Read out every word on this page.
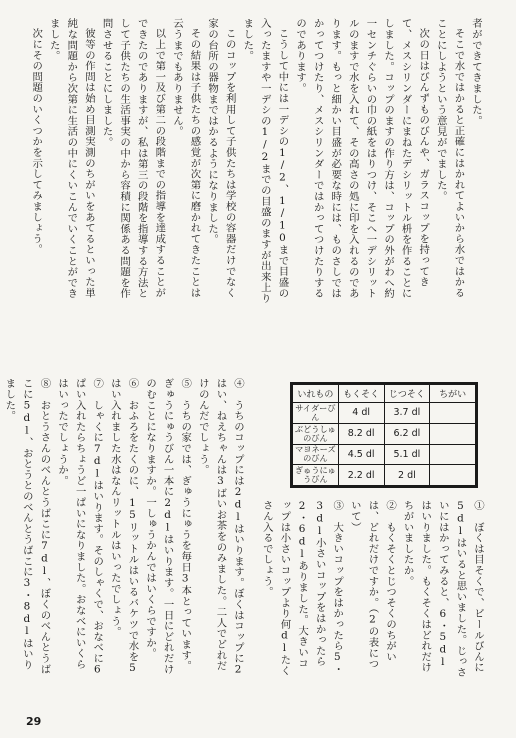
者ができてきました。

そこで水ではかると正確にはかれてよいから水ではかることにしようという意見がでました。

次の日はびんずものびんや、ガラスコップを持ってきて、メスシリンダーにまねたデシリットル枡を作ることにしました。コップのますの作り方は、コップの外がわへ約一センチぐらいの巾の紙をはりつけ、そこへ一デシリットルのますで水を入れて、その高さの処に印を入れるのであります。もっと細かい目盛が必要な時には、ものさしではかってつけたり、メスシリンダーではかってつけたりするのであります。

こうして中には一デシの1/2、1/10まで目盛の入ったますや一デシの1/2までの目盛のますが出来上りました。

このコップを利用して子供たちは学校の容器だけでなく家の台所の器物まではかるようになりました。

その結果は子供たちの感覚が次第に磨かれてきたことは云うまでもありません。

以上で第一及び第二の段階までの指導を達成することができたのでありますが、私は第三の段階を指導する方法として子供たちの生活事実の中から容積に関係ある問題を作問させることにしました。

彼等の作問は始め目測実測のちがいをあてるといった単純な問題から次第に生活の中にくいこんでいくことができました。

次にその問題のいくつかを示してみましょう。

いれもの	もくそく	じつそく	ちがい
サイダーびん	4 dl	3.7 dl	
ぶどうしゅのびん	8.2 dl	6.2 dl	
マヨネーズのびん	4.5 dl	5.1 dl	
ぎゅうにゅうびん	2.2 dl	2 dl	

①　ぼくは目そくで、ビールびんに5dlはいると思いました。じっさいにはかってみると、6・5dlはいりました。もくそくはどれだけちがいましたか。

②　もくそくとじつそくのちがいは、どれだけですか。（2の表について）

③　大きいコップをはかったら5・3dl小さいコップをはかったら2・6dlありました。大きいコップは小さいコップより何dlたくさん入るでしょう。

④　うちのコップには2dlはいります。ぼくはコップに2はい、ねえちゃんは3ばいお茶をのみました。二人でどれだけのんだでしょう。

⑤　うちの家では、ぎゅうにゅうを毎日3本とっています。ぎゅうにゅうびん一本に2dlはいります。一日にどれだけのむことになりますか。一しゅうかんではいくらですか。

⑥　おふろをたくのに、15リットルはいるバケツで水を5はい入れました水はなんリットルはいったでしょう。

⑦　しゃくに7dlはいります。そのしゃくで、おなべに6ぱい入れたらちょうど一ぱいになりました。おなべにいくらはいったでしょうか。

⑧　おとうさんのべんとうばこに7dl、ぼくのべんとうばこに5dl、おとうとのべんとうばこに3・8dlはいりました。

29
